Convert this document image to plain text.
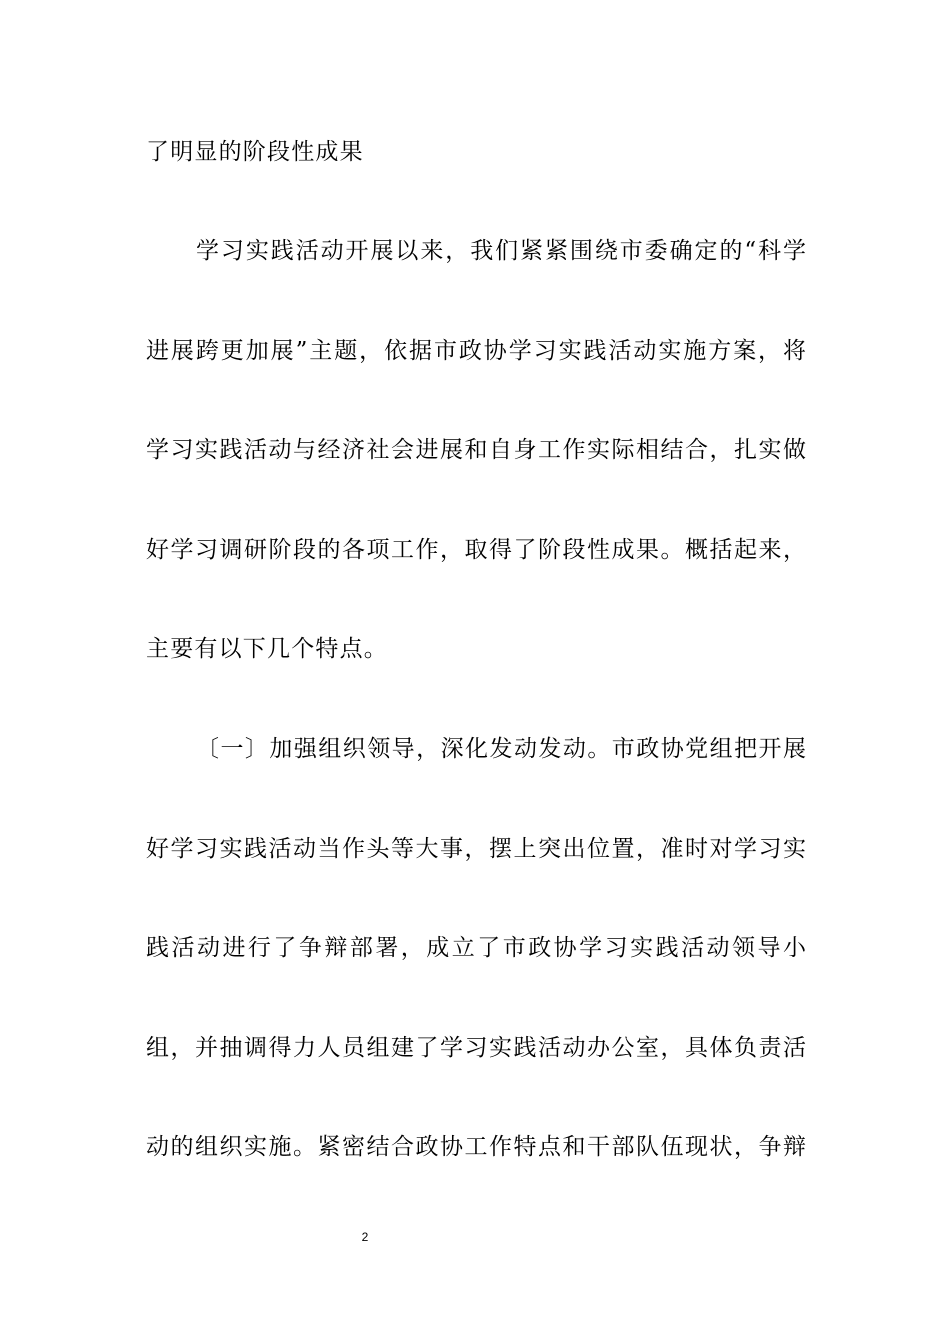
了明显的阶段性成果
学习实践活动开展以来，我们紧紧围绕市委确定的“科学
进展跨更加展”主题，依据市政协学习实践活动实施方案，将
学习实践活动与经济社会进展和自身工作实际相结合，扎实做
好学习调研阶段的各项工作，取得了阶段性成果。概括起来，
主要有以下几个特点。
〔一〕加强组织领导，深化发动发动。市政协党组把开展
好学习实践活动当作头等大事，摆上突出位置，准时对学习实
践活动进行了争辩部署，成立了市政协学习实践活动领导小
组，并抽调得力人员组建了学习实践活动办公室，具体负责活
动的组织实施。紧密结合政协工作特点和干部队伍现状，争辩
2
